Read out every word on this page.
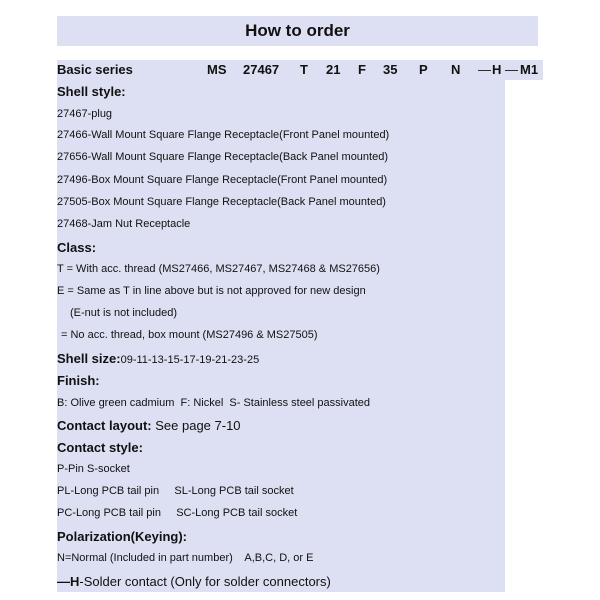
How to order
Basic series	MS 27467 T 21 F 35 P N — H — M1
Shell style:
27467-plug
27466-Wall Mount Square Flange Receptacle(Front Panel mounted)
27656-Wall Mount Square Flange Receptacle(Back Panel mounted)
27496-Box Mount Square Flange Receptacle(Front Panel mounted)
27505-Box Mount Square Flange Receptacle(Back Panel mounted)
27468-Jam Nut Receptacle
Class:
T = With acc. thread (MS27466, MS27467, MS27468 & MS27656)
E = Same as T in line above but is not approved for new design
(E-nut is not included)
= No acc. thread, box mount (MS27496 & MS27505)
Shell size:09-11-13-15-17-19-21-23-25
Finish:
B: Olive green cadmium  F: Nickel  S- Stainless steel passivated
Contact layout: See page 7-10
Contact style:
P-Pin S-socket
PL-Long PCB tail pin     SL-Long PCB tail socket
PC-Long PCB tail pin     SC-Long PCB tail socket
Polarization(Keying):
N=Normal (Included in part number)    A,B,C, D, or E
—H-Solder contact (Only for solder connectors)
